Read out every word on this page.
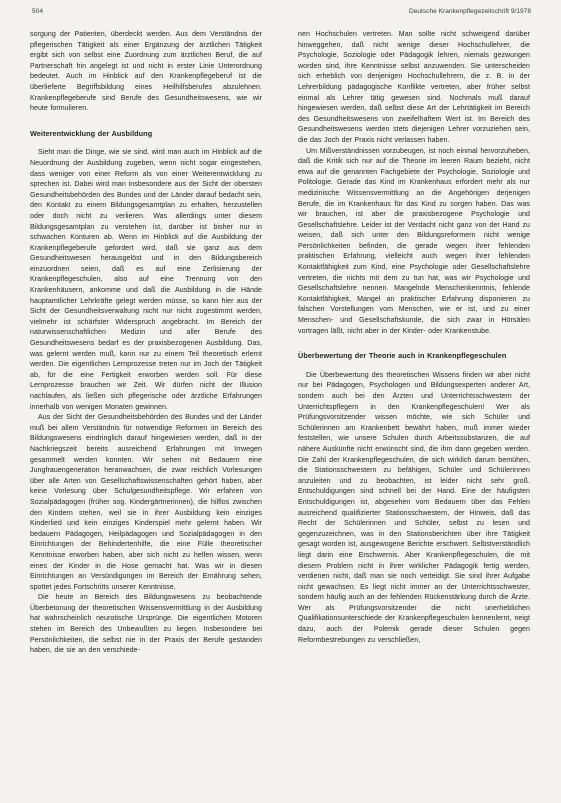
504	Deutsche Krankenpflegezeitschrift 9/1978

sorgung der Patienten, überdeckt werden. Aus dem Verständnis der pflegerischen Tätigkeit als einer Ergänzung der ärztlichen Tätigkeit ergibt sich von selbst eine Zuordnung zum ärztlichen Beruf, die auf Partnerschaft hin angelegt ist und nicht in erster Linie Unterordnung bedeutet. Auch im Hinblick auf den Krankenpflegeberuf ist die überlieferte Begriffsbildung eines Heilhilfsberufes abzulehnen. Krankenpflegeberufe sind Berufe des Gesundheitswesens, wie wir heute formulieren.

Weiterentwicklung der Ausbildung

Sieht man die Dinge, wie sie sind, wird man auch im Hinblick auf die Neuordnung der Ausbildung zugeben, wenn nicht sogar eingestehen, dass weniger von einer Reform als von einer Weiterentwicklung zu sprechen ist. Dabei wird man insbesondere aus der Sicht der obersten Gesundheitsbehörden des Bundes und der Länder darauf bedacht sein, den Kontakt zu einem Bildungsgesamtplan zu erhalten, herzustellen oder doch nicht zu verlieren. Was allerdings unter diesem Bildungsgesamtplan zu verstehen ist, darüber ist bisher nur in schwachen Konturen ab. Wenn im Hinblick auf die Ausbildung der Krankenpflegeberufe gefordert wird, daß sie ganz aus dem Gesundheitswesen herausgelöst und in den Bildungsbereich einzuordnen seien, daß es auf eine Zerlisierung der Krankenpflegeschulen, also auf eine Trennung von den Krankenhäusern, ankomme und daß die Ausbildung in die Hände hauptamtlicher Lehrkräfte gelegt werden müsse, so kann hier aus der Sicht der Gesundheitsverwaltung nicht nur nicht zugestimmt werden, vielmehr ist schärfster Widerspruch angebracht. Im Bereich der naturwissenschaftlichen Medizin und aller Berufe des Gesundheitswesens bedarf es der praxisbezogenen Ausbildung. Das, was gelernt werden muß, kann nur zu einem Teil theoretisch erlernt werden. Die eigentlichen Lernprozesse treten nur im Joch der Tätigkeit ab, für die eine Fertigkeit erworben werden soll. Für diese Lernprozesse brauchen wir Zeit. Wir dürfen nicht der Illusion nachlaufen, als ließen sich pflegerische oder ärztliche Erfahrungen innerhalb von wenigen Monaten gewinnen.

Aus der Sicht der Gesundheitsbehörden des Bundes und der Länder muß bei allem Verständnis für notwendige Reformen im Bereich des Bildungswesens eindringlich darauf hingewiesen werden, daß in der Nachkriegszeit bereits ausreichend Erfahrungen mit Irrwegen gesammelt werden konnten. Wir sehen mit Bedauern eine Jungfrauengeneration heranwachsen, die zwar reichlich Vorlesungen über alle Arten von Gesellschaftswissenschaften gehört haben, aber keine Vorlesung über Schulgesundheitspflege. Wir erfahren von Sozialpädagogen (früher sog. Kindergärtnerinnen), die hilflos zwischen den Kindern stehen, weil sie in ihrer Ausbildung kein einziges Kinderlied und kein einziges Kinderspiel mehr gelernt haben. Wir bedauern Pädagogen, Heilpädagogen und Sozialpädagogen in den Einrichtungen der Behindertenhilfe, die eine Fülle theoretischer Kenntnisse erworben haben, aber sich nicht zu helfen wissen, wenn eines der Kinder in die Hose gemacht hat. Was wir in diesen Einrichtungen an Versündigungen im Bereich der Ernährung sehen, spottet jedes Fortschritts unserer Kenntnisse.

Die heute im Bereich des Bildungswesens zu beobachtende Überbetonung der theoretischen Wissensvermittlung in der Ausbildung hat wahrscheinlich neurotische Ursprünge. Die eigentlichen Motoren stehen im Bereich des Unbewußten zu liegen. Insbesondere bei Persönlichkeiten, die selbst nie in der Praxis der Berufe gestanden haben, die sie an den verschiede-

nen Hochschulen vertreten. Man sollte nicht schweigend darüber hinweggehen, daß nicht wenige dieser Hochschullehrer, die Psychologie, Soziologie oder Pädagogik lehren, niemals gezwungen worden sind, ihre Kenntnisse selbst anzuwenden. Sie unterscheiden sich erheblich von denjenigen Hochschullehrern, die z. B. in der Lehrerbildung pädagogische Konflikte vertreten, aber früher selbst einmal als Lehrer tätig gewesen sind. Nochmals muß darauf hingewiesen werden, daß selbst diese Art der Lehrtätigkeit im Bereich des Gesundheitswesens von zweifelhaftem Wert ist. Im Bereich des Gesundheitswesens werden stets diejenigen Lehrer vorzuziehen sein, die das Joch der Praxis nicht verlassen haben.

Um Mißverständnissen vorzubeugen, ist noch einmal hervorzuheben, daß die Kritik sich nur auf die Theorie im leeren Raum bezieht, nicht etwa auf die genannten Fachgebiete der Psychologie, Soziologie und Politologie. Gerade das Kind im Krankenhaus erfordert mehr als nur medizinische Wissensvermittlung an die Angehörigen derjenigen Berufe, die im Krankenhaus für das Kind zu sorgen haben. Das was wir brauchen, ist aber die praxisbezogene Psychologie und Gesellschaftslehre. Leider ist der Verdacht nicht ganz von der Hand zu weisen, daß sich unter den Bildungsreformern nicht wenige Persönlichkeiten befinden, die gerade wegen ihrer fehlenden praktischen Erfahrung, vielleicht auch wegen ihrer fehlenden Kontaktfähigkeit zum Kind, eine Psychologie oder Gesellschaftslehre vertreten, die nichts mit dem zu tun hat, was wir Psychologie und Gesellschaftslehre nennen. Mangelnde Menschenkenntnis, fehlende Kontaktfähigkeit, Mangel an praktischer Erfahrung disponieren zu falschen Vorstellungen vom Menschen, wie er ist, und zu einer Menschen- und Gesellschaftskunde, die sich zwar in Hörsälen vortragen läßt, nicht aber in der Kinder- oder Krankenstube.

Überbewertung der Theorie auch in Krankenpflegeschulen

Die Überbewertung des theoretischen Wissens finden wir aber nicht nur bei Pädagogen, Psychologen und Bildungsexperten anderer Art, sondern auch bei den Ärzten und Unterrichtsschwestern der Unterrichtspflegern in den Krankenpflegeschulen! Wer als Prüfungsvorsitzender wissen möchte, wie sich Schüler und Schülerinnen am Krankenbett bewährt haben, muß immer wieder feststellen, wie unsere Schulen durch Arbeitssubstanzen, die auf nähere Auskünfte nicht erwünscht sind, die ihm dann gegeben werden. Die Zahl der Krankenpflegeschulen, die sich wirklich darum bemühen, die Stationsschwestern zu befähigen, Schüler und Schülerinnen anzuleiten und zu beobachten, ist leider nicht sehr groß. Entschuldigungen sind schnell bei der Hand. Eine der häufigsten Entschuldigungen ist, abgesehen vom Bedauern über das Fehlen ausreichend qualifizierter Stationsschwestern, der Hinweis, daß das Recht der Schülerinnen und Schüler, selbst zu lesen und gegenzuzeichnen, was in den Stationsberichten über ihre Tätigkeit gesagt worden ist, ausgewogene Berichte erschwert. Selbstverständlich liegt darin eine Erschwernis. Aber Krankenpflegeschulen, die mit diesem Problem nicht in ihrer wirklicher Pädagogik fertig werden, verdienen nicht, daß man sie noch verteidigt. Sie sind ihrer Aufgabe nicht gewachsen. Es liegt nicht immer an der Unterrichtsschwester, sondern häufig auch an der fehlenden Rückenstärkung durch die Ärzte. Wer als Prüfungsvorsitzender die nicht unerheblichen Qualifikationsunterschiede der Krankenpflegeschulen kennenlernt, neigt dazu, auch der Polemik gerade dieser Schulen gegen Reformbestrebungen zu verschließen,
